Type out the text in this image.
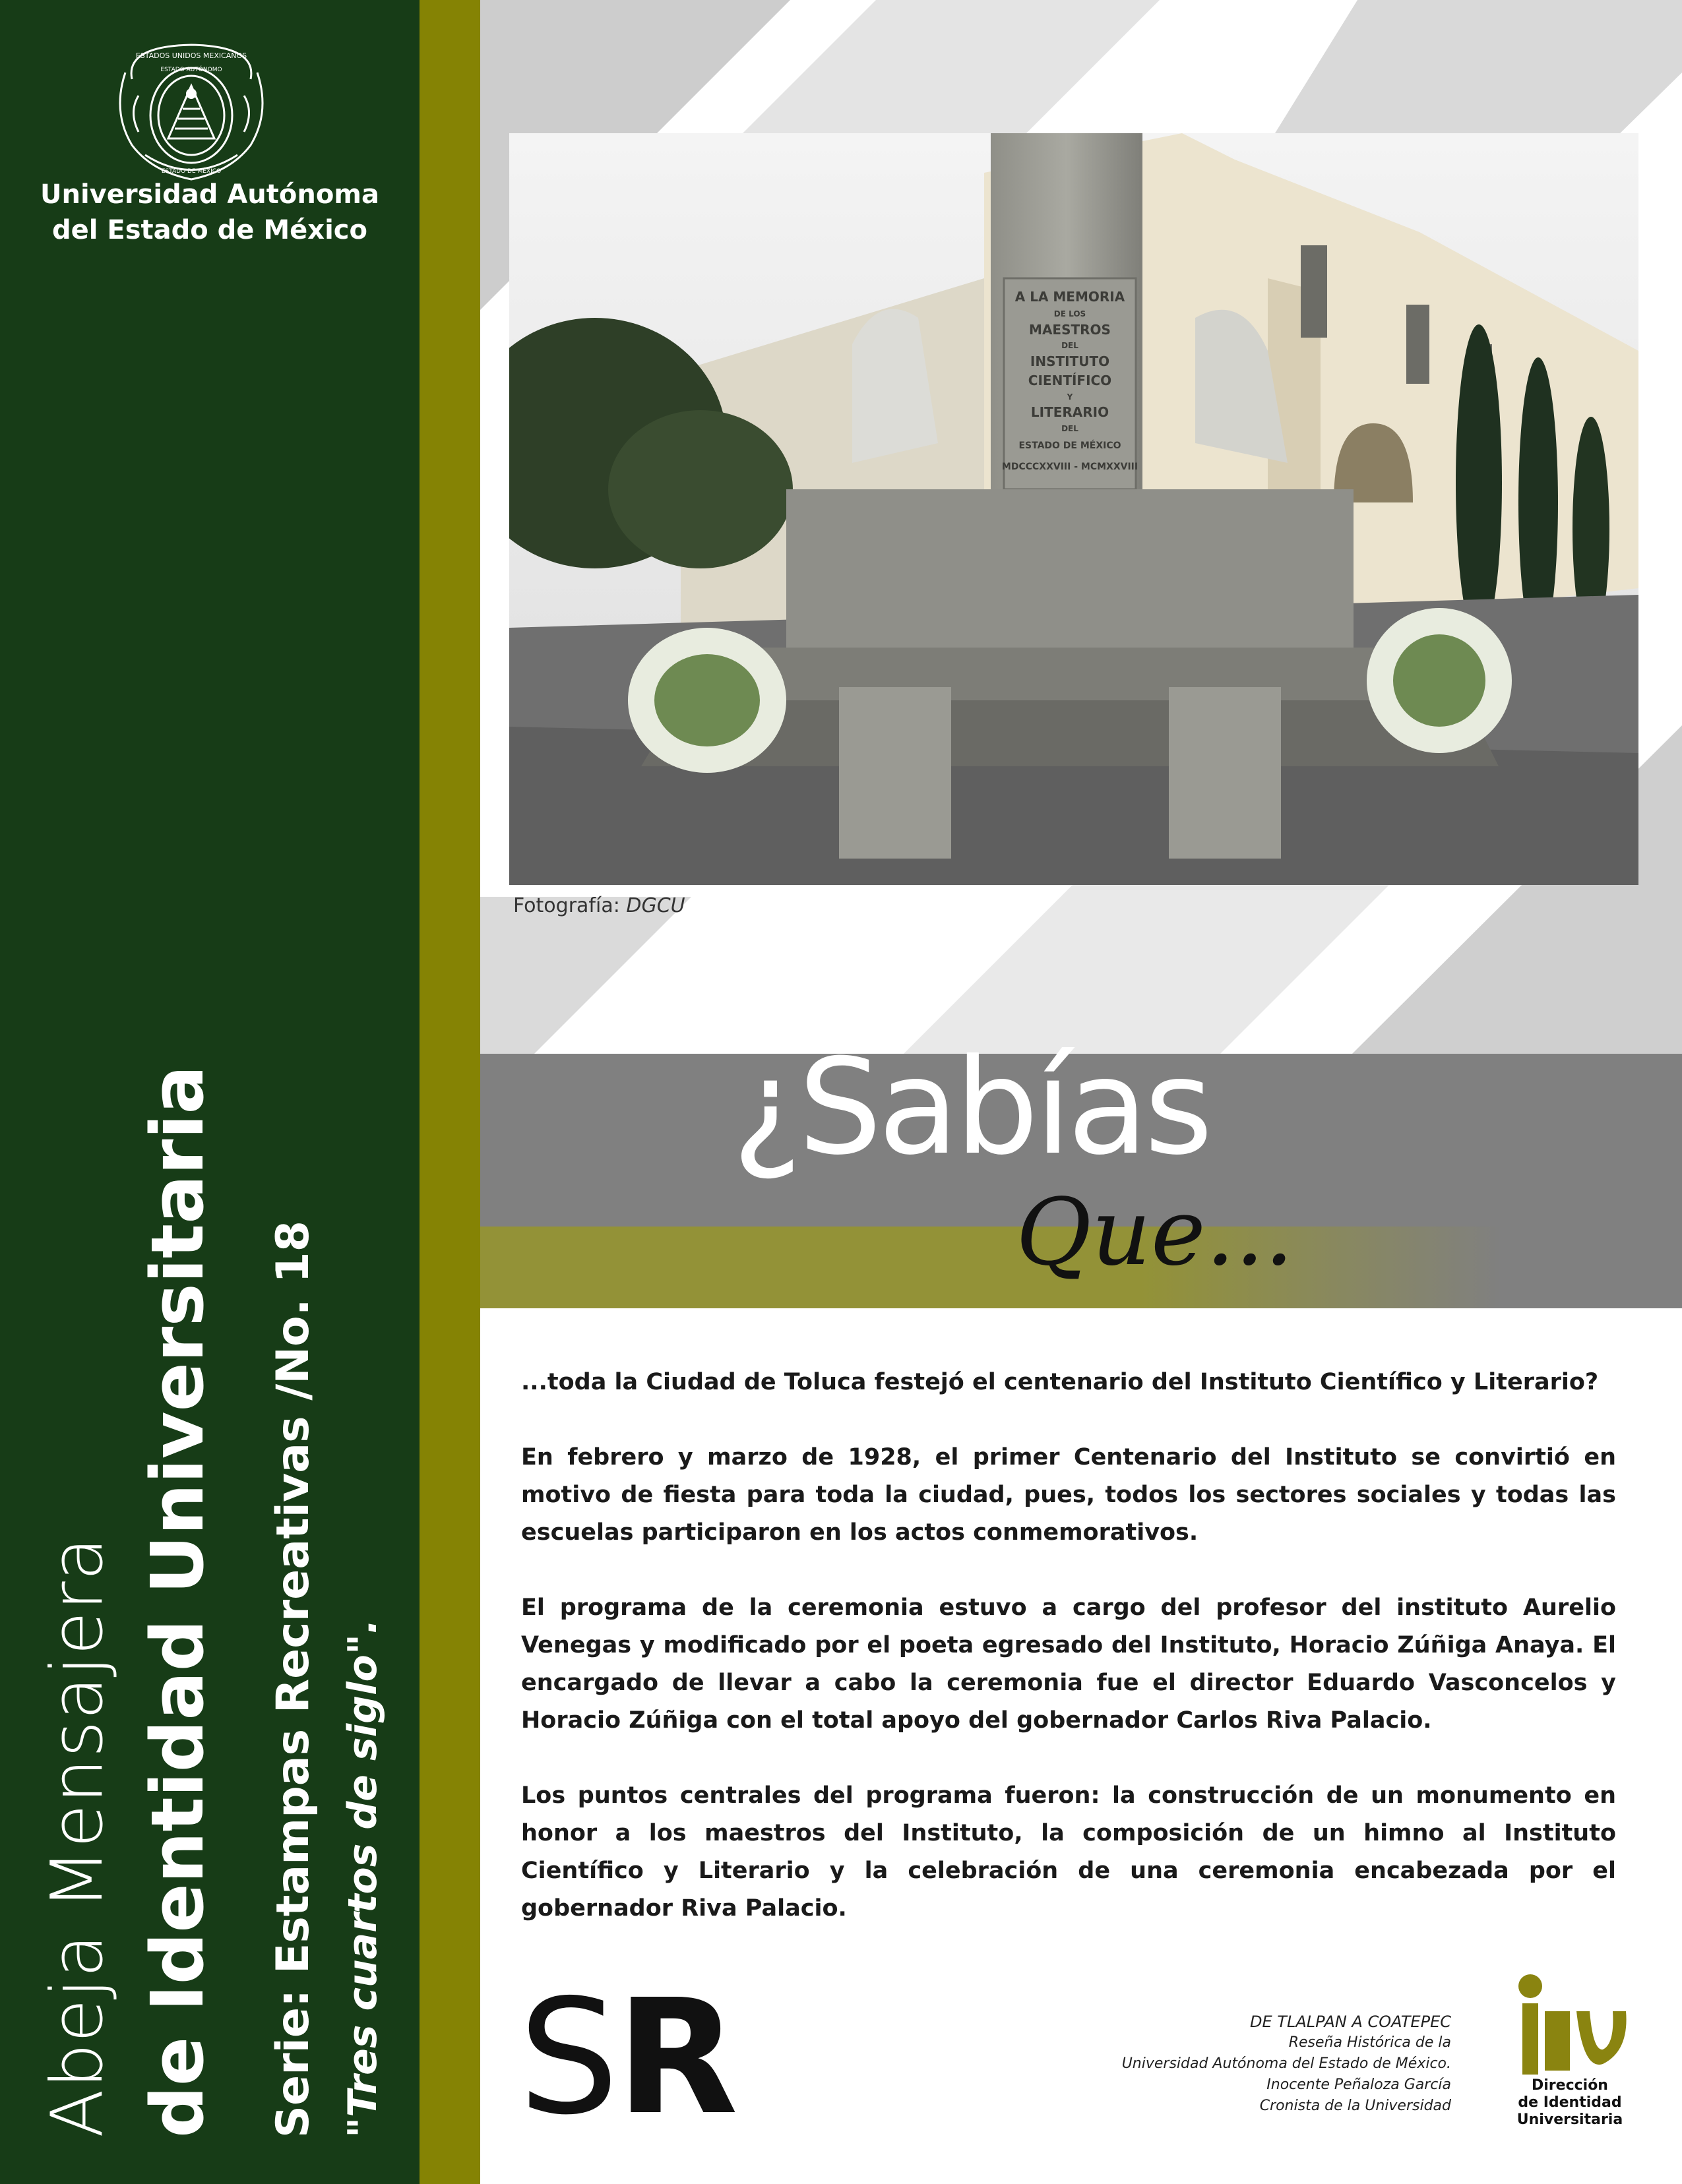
ESTADOS UNIDOS MEXICANOS
ESTADO AUTÓNOMO
ESTADO DE MÉXICO
Universidad Autónoma
del Estado de México
Abeja Mensajera de Identidad Universitaria Serie: Estampas Recreativas /No. 18 "Tres cuartos de siglo".
A LA MEMORIA
DE LOS
MAESTROS
DEL
INSTITUTO
CIENTÍFICO
Y
LITERARIO
DEL
ESTADO DE MÉXICO
MDCCCXXVIII - MCMXXVIII
Fotografía: DGCU
¿Sabías
Que...

...toda la Ciudad de Toluca festejó el centenario del Instituto Científico y Literario?

En febrero y marzo de 1928, el primer Centenario del Instituto se convirtió en motivo de fiesta para toda la ciudad, pues, todos los sectores sociales y todas las escuelas participaron en los actos conmemorativos.

El programa de la ceremonia estuvo a cargo del profesor del instituto Aurelio Venegas y modificado por el poeta egresado del Instituto, Horacio Zúñiga Anaya. El encargado de llevar a cabo la ceremonia fue el director Eduardo Vasconcelos y Horacio Zúñiga con el total apoyo del gobernador Carlos Riva Palacio.

Los puntos centrales del programa fueron: la construcción de un monumento en honor a los maestros del Instituto, la composición de un himno al Instituto Científico y Literario y la celebración de una ceremonia encabezada por el gobernador Riva Palacio.

SR	DE TLALPAN A COATEPEC
Reseña Histórica de la
Universidad Autónoma del Estado de México.
Inocente Peñaloza García
Cronista de la Universidad
Dirección
de Identidad
Universitaria
